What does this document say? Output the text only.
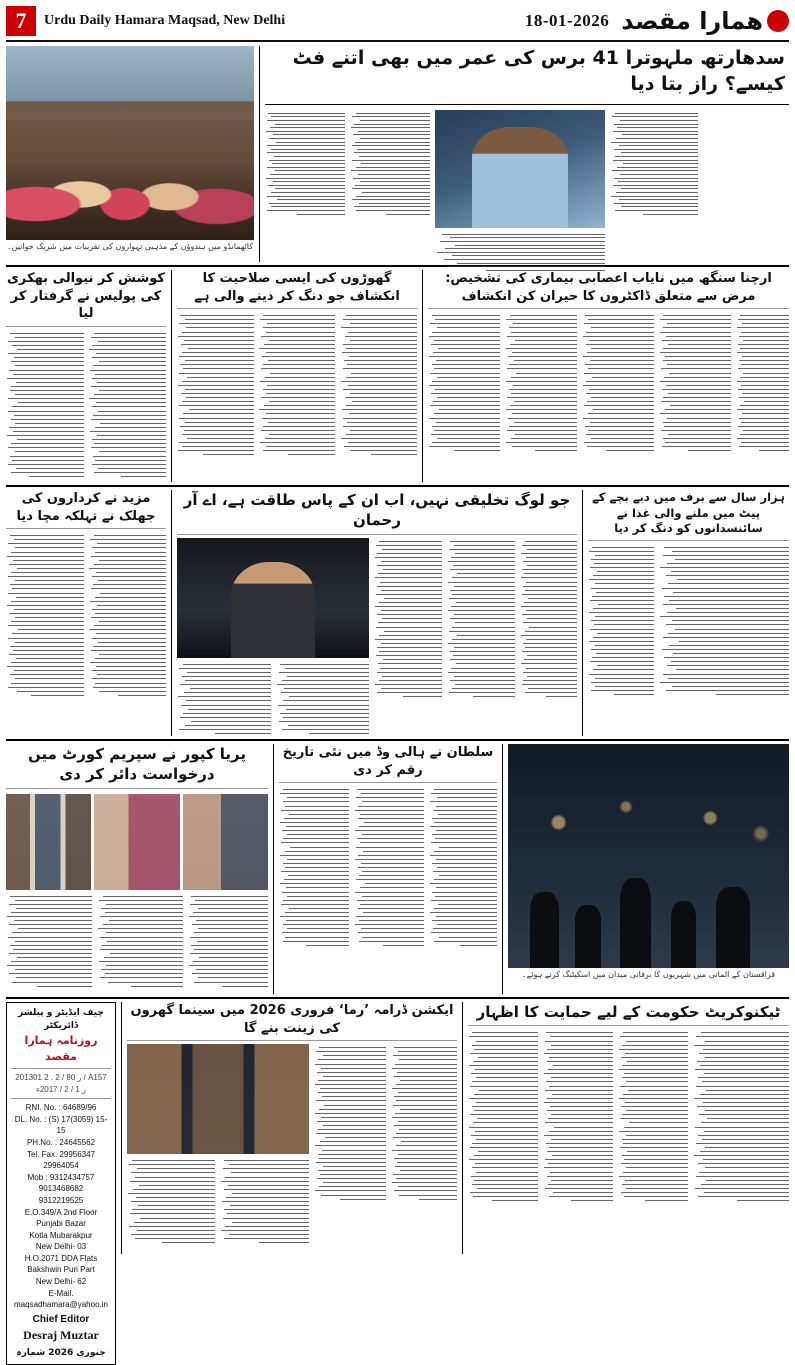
7	Urdu Daily Hamara Maqsad, New Delhi	18-01-2026 همارا مقصد
کاٹھمانڈو میں ہندوؤں کے مذہبی تہواروں کی تقریبات میں شریک خواتین۔
سدھارتھ ملہوترا 41 برس کی عمر میں بھی اتنے فٹ کیسے؟ راز بتا دیا
کوشش کر نیوالی بھکری کی پولیس نے گرفتار کر لیا
گھوڑوں کی ایسی صلاحیت کا انکشاف جو دنگ کر دینے والی ہے
ارچنا سنگھ میں نایاب اعصابی بیماری کی تشخیص: مرض سے متعلق ڈاکٹروں کا حیران کن انکشاف
مزید نے کرداروں کی جھلک نے تہلکہ مچا دیا
جو لوگ تخلیقی نہیں، اب ان کے پاس طاقت ہے، اے آر رحمان
ہزار سال سے برف میں دبے بچے کے پیٹ میں ملنے والی غذا نے سائنسدانوں کو دنگ کر دیا
پریا کپور نے سپریم کورٹ میں درخواست دائر کر دی
سلطان نے ہالی وڈ میں نئی تاریخ رقم کر دی
قزاقستان کے الماتی میں شہریوں کا برفانی میدان میں اسکیٹنگ کرتے ہوئے۔
چیف ایڈیٹر و پبلشر ڈائریکٹر
روزنامہ ہمارا مقصد
201301 ر 80 / 2 . 2 / A157
ر 1 / 2 / 2017ء
RNI. No. : 64689/96
DL. No. : (S) 17(3059) 15-15
PH.No. : 24645562
Tel. Fax. 29956347
29964054
Mob : 9312434757
9013468682
9312219525
E.O.349/A 2nd Floor
Punjabi Bazar
Kotla Mubarakpur
New Delhi- 03
H.O.2071 DDA Flats
Bakshwin Puri Part
New Delhi- 62
E-Mail.
maqsadhamara@yahoo.in
Chief Editor
Desraj Muztar
جنوری 2026 شمارہ
ایکشن ڈرامہ ’رما‘ فروری 2026 میں سینما گھروں کی زینت بنے گا
ٹیکنوکریٹ حکومت کے لیے حمایت کا اظہار
